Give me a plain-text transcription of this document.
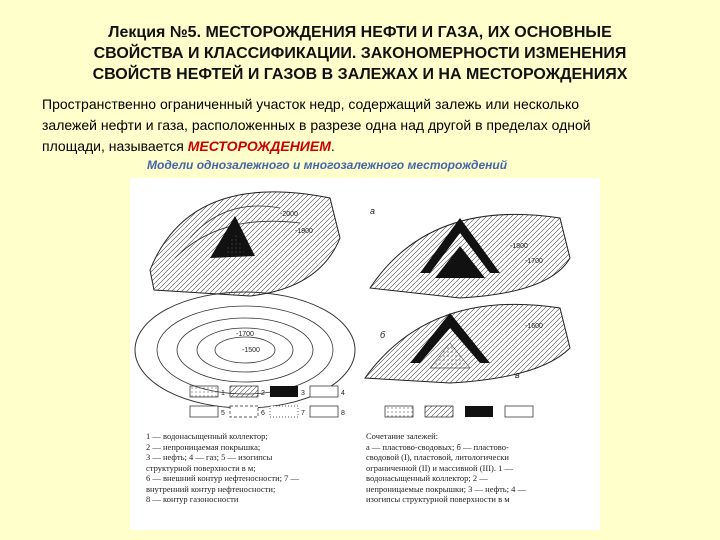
Лекция №5. МЕСТОРОЖДЕНИЯ НЕФТИ И ГАЗА, ИХ ОСНОВНЫЕ
СВОЙСТВА И КЛАССИФИКАЦИИ. ЗАКОНОМЕРНОСТИ ИЗМЕНЕНИЯ
СВОЙСТВ НЕФТЕЙ И ГАЗОВ В ЗАЛЕЖАХ И НА МЕСТОРОЖДЕНИЯХ
Пространственно ограниченный участок недр, содержащий залежь или несколько
залежей нефти и газа, расположенных в разрезе одна над другой в пределах одной
площади, называется МЕСТОРОЖДЕНИЕМ.
Модели однозалежного и многозалежного месторождений
-2000
-1900
-1700
-1500
а
-1800
-1700
б
в
-1600
1	2	3	4
5	6	7	8
1 — водонасыщенный коллектор;
2 — непроницаемая покрышка;
3 — нефть; 4 — газ; 5 — изогипсы
структурной поверхности в м;
6 — внешний контур нефтеносности; 7 —
внутренний контур нефтеносности;
8 — контур газоносности
Сочетание залежей:
а — пластово-сводовых; б — пластово-
сводовой (I), пластовой, литологически
ограниченной (II) и массивной (III). 1 —
водонасыщенный коллектор; 2 —
непроницаемые покрышки; 3 — нефть; 4 —
изогипсы структурной поверхности в м
